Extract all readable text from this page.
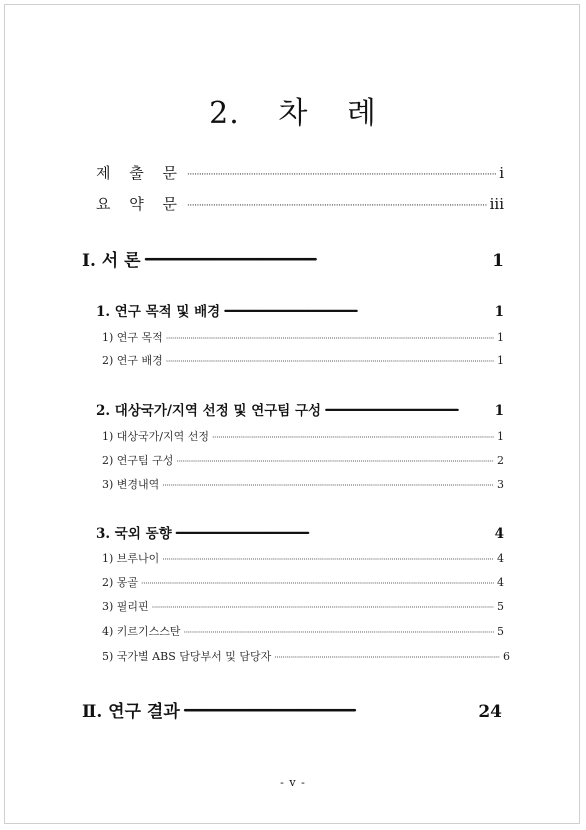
2. 차 례
제 출 문 ·····	i
요 약 문 ·····	iii
I. 서 론 ·····	1
1. 연구 목적 및 배경 ·····	1
1) 연구 목적 ·····	1
2) 연구 배경 ·····	1
2. 대상국가/지역 선정 및 연구팀 구성 ·····	1
1) 대상국가/지역 선정 ·····	1
2) 연구팀 구성 ·····	2
3) 변경내역 ·····	3
3. 국외 동향 ·····	4
1) 브루나이 ·····	4
2) 몽골 ·····	4
3) 필리핀 ·····	5
4) 키르기스스탄 ·····	5
5) 국가별 ABS 담당부서 및 담당자 ·····	6
Ⅱ. 연구 결과 ·····	24
- v -
